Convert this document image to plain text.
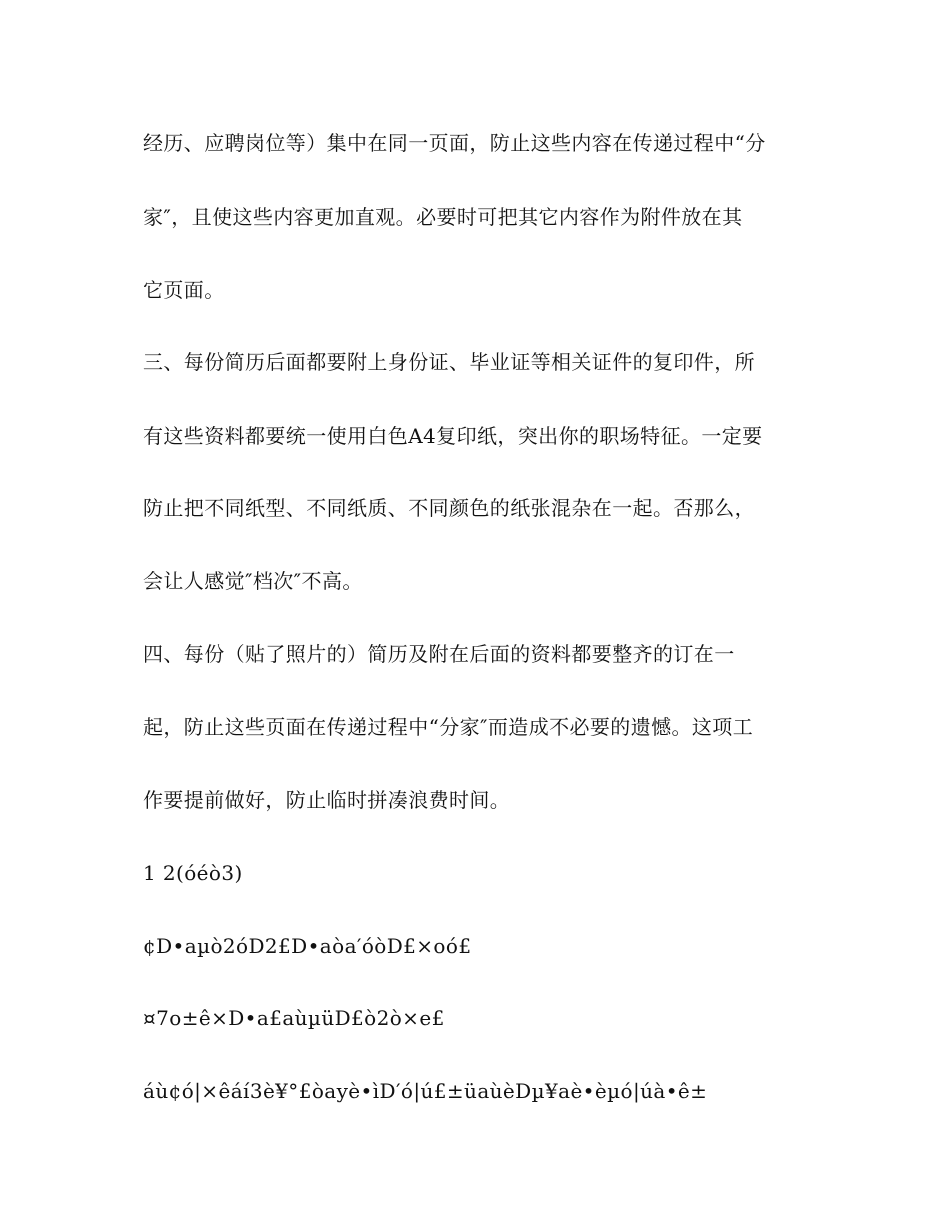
经历、应聘岗位等）集中在同一页面，防止这些内容在传递过程中“分
家″，且使这些内容更加直观。必要时可把其它内容作为附件放在其
它页面。
三、每份简历后面都要附上身份证、毕业证等相关证件的复印件，所
有这些资料都要统一使用白色A4复印纸，突出你的职场特征。一定要
防止把不同纸型、不同纸质、不同颜色的纸张混杂在一起。否那么，
会让人感觉″档次″不高。
四、每份（贴了照片的）简历及附在后面的资料都要整齐的订在一
起，防止这些页面在传递过程中“分家″而造成不必要的遗憾。这项工
作要提前做好，防止临时拼凑浪费时间。
1 2(óéò3)
¢D•aµò2óD2£D•aòa′óòD£×oó£
¤7o±ê×D•a£aùµüD£ò2ò×e£
áù¢ó|×êáí3è¥°£òayè•ìD′ó|ú£±üaùèDµ¥aè•èµó|úà•ê±
